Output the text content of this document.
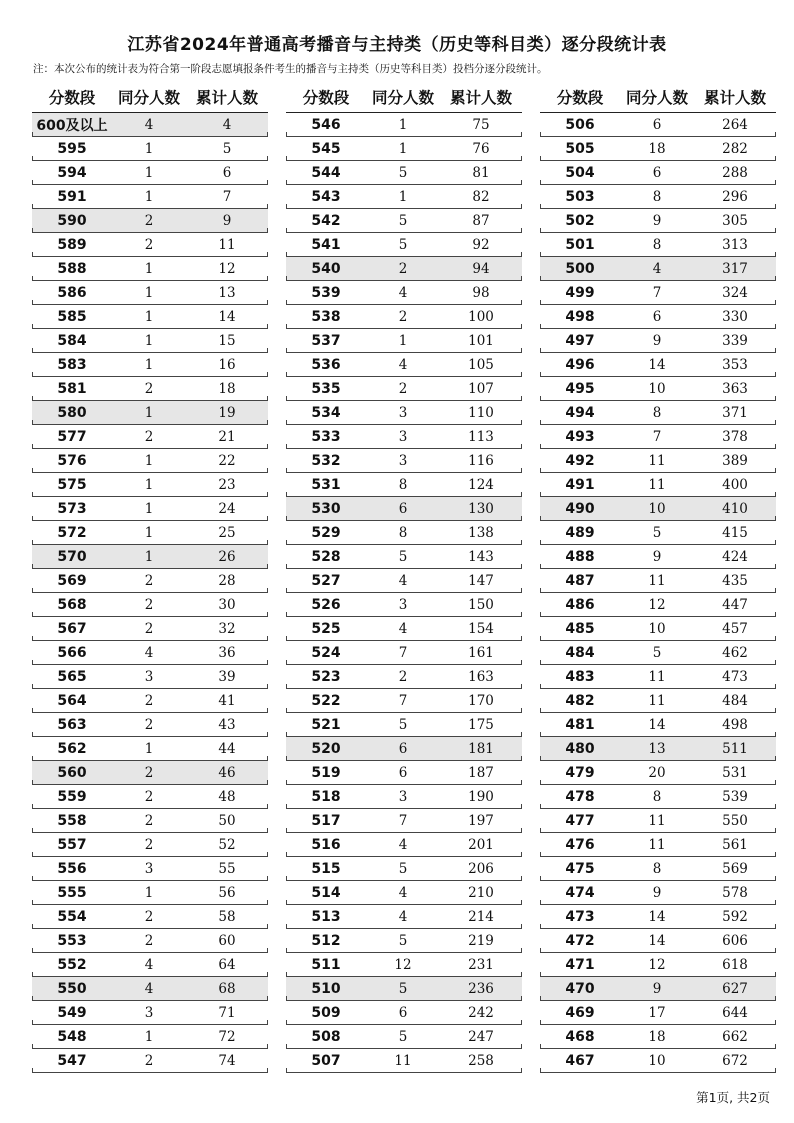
江苏省2024年普通高考播音与主持类（历史等科目类）逐分段统计表
注：本次公布的统计表为符合第一阶段志愿填报条件考生的播音与主持类（历史等科目类）投档分逐分段统计。
分数段	同分人数	累计人数
600及以上	4	4
595	1	5
594	1	6
591	1	7
590	2	9
589	2	11
588	1	12
586	1	13
585	1	14
584	1	15
583	1	16
581	2	18
580	1	19
577	2	21
576	1	22
575	1	23
573	1	24
572	1	25
570	1	26
569	2	28
568	2	30
567	2	32
566	4	36
565	3	39
564	2	41
563	2	43
562	1	44
560	2	46
559	2	48
558	2	50
557	2	52
556	3	55
555	1	56
554	2	58
553	2	60
552	4	64
550	4	68
549	3	71
548	1	72
547	2	74
分数段	同分人数	累计人数
546	1	75
545	1	76
544	5	81
543	1	82
542	5	87
541	5	92
540	2	94
539	4	98
538	2	100
537	1	101
536	4	105
535	2	107
534	3	110
533	3	113
532	3	116
531	8	124
530	6	130
529	8	138
528	5	143
527	4	147
526	3	150
525	4	154
524	7	161
523	2	163
522	7	170
521	5	175
520	6	181
519	6	187
518	3	190
517	7	197
516	4	201
515	5	206
514	4	210
513	4	214
512	5	219
511	12	231
510	5	236
509	6	242
508	5	247
507	11	258
分数段	同分人数	累计人数
506	6	264
505	18	282
504	6	288
503	8	296
502	9	305
501	8	313
500	4	317
499	7	324
498	6	330
497	9	339
496	14	353
495	10	363
494	8	371
493	7	378
492	11	389
491	11	400
490	10	410
489	5	415
488	9	424
487	11	435
486	12	447
485	10	457
484	5	462
483	11	473
482	11	484
481	14	498
480	13	511
479	20	531
478	8	539
477	11	550
476	11	561
475	8	569
474	9	578
473	14	592
472	14	606
471	12	618
470	9	627
469	17	644
468	18	662
467	10	672
第1页, 共2页
